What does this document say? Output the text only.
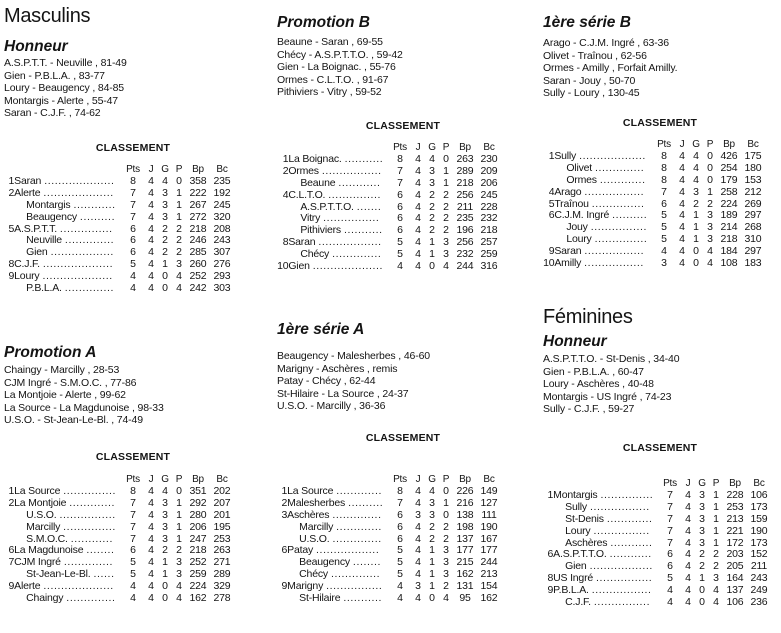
Masculins
Honneur
A.S.P.T.T. - Neuville , 81-49
Gien - P.B.L.A. , 83-77
Loury - Beaugency , 84-85
Montargis - Alerte , 55-47
Saran - C.J.F. , 74-62
CLASSEMENT
		Pts	J	G	P	Bp	Bc
1	Saran ....................	8	4	4	0	358	235
2	Alerte ....................	7	4	3	1	222	192
	Montargis ............	7	4	3	1	267	245
	Beaugency ..........	7	4	3	1	272	320
5	A.S.P.T.T. ...............	6	4	2	2	218	208
	Neuville ..............	6	4	2	2	246	243
	Gien ..................	6	4	2	2	285	307
8	C.J.F. ....................	5	4	1	3	260	276
9	Loury ....................	4	4	0	4	252	293
	P.B.L.A. ..............	4	4	0	4	242	303
Promotion A
Chaingy - Marcilly , 28-53
CJM Ingré - S.M.O.C. , 77-86
La Montjoie - Alerte , 99-62
La Source - La Magdunoise , 98-33
U.S.O. - St-Jean-Le-Bl. , 74-49
CLASSEMENT
		Pts	J	G	P	Bp	Bc
1	La Source ...............	8	4	4	0	351	202
2	La Montjoie .............	7	4	3	1	292	207
	U.S.O. ................	7	4	3	1	280	201
	Marcilly ...............	7	4	3	1	206	195
	S.M.O.C. ............	7	4	3	1	247	253
6	La Magdunoise ........	6	4	2	2	218	263
7	CJM Ingré ..............	5	4	1	3	252	271
	St-Jean-Le-Bl. ......	5	4	1	3	259	289
9	Alerte ....................	4	4	0	4	224	329
	Chaingy ..............	4	4	0	4	162	278
Promotion B
Beaune - Saran , 69-55
Chécy - A.S.P.T.T.O. , 59-42
Gien - La Boignac. , 55-76
Ormes - C.L.T.O. , 91-67
Pithiviers - Vitry , 59-52
CLASSEMENT
		Pts	J	G	P	Bp	Bc
1	La Boignac. ...........	8	4	4	0	263	230
2	Ormes .................	7	4	3	1	289	209
	Beaune ............	7	4	3	1	218	206
4	C.L.T.O. ...............	6	4	2	2	256	245
	A.S.P.T.T.O. .......	6	4	2	2	211	228
	Vitry ................	6	4	2	2	235	232
	Pithiviers ...........	6	4	2	2	196	218
8	Saran ..................	5	4	1	3	256	257
	Chécy ..............	5	4	1	3	232	259
10	Gien ....................	4	4	0	4	244	316
1ère série A
Beaugency - Malesherbes , 46-60
Marigny - Aschères , remis
Patay - Chécy , 62-44
St-Hilaire - La Source , 24-37
U.S.O. - Marcilly , 36-36
CLASSEMENT
		Pts	J	G	P	Bp	Bc
1	La Source .............	8	4	4	0	226	149
2	Malesherbes ..........	7	4	3	1	216	127
3	Aschères ..............	6	3	3	0	138	111
	Marcilly .............	6	4	2	2	198	190
	U.S.O. ..............	6	4	2	2	137	167
6	Patay ..................	5	4	1	3	177	177
	Beaugency ........	5	4	1	3	215	244
	Chécy ..............	5	4	1	3	162	213
9	Marigny ................	4	3	1	2	131	154
	St-Hilaire ...........	4	4	0	4	95	162
1ère série B
Arago - C.J.M. Ingré , 63-36
Olivet - Traînou , 62-56
Ormes - Amilly , Forfait Amilly.
Saran - Jouy , 50-70
Sully - Loury , 130-45
CLASSEMENT
		Pts	J	G	P	Bp	Bc
1	Sully ...................	8	4	4	0	426	175
	Olivet ..............	8	4	4	0	254	180
	Ormes .............	8	4	4	0	179	153
4	Arago .................	7	4	3	1	258	212
5	Traînou ...............	6	4	2	2	224	269
6	C.J.M. Ingré ..........	5	4	1	3	189	297
	Jouy ................	5	4	1	3	214	268
	Loury ...............	5	4	1	3	218	310
9	Saran .................	4	4	0	4	184	297
10	Amilly .................	3	4	0	4	108	183
Féminines
Honneur
A.S.P.T.T.O. - St-Denis , 34-40
Gien - P.B.L.A. , 60-47
Loury - Aschères , 40-48
Montargis - US Ingré , 74-23
Sully - C.J.F. , 59-27
CLASSEMENT
		Pts	J	G	P	Bp	Bc
1	Montargis ...............	7	4	3	1	228	106
	Sully .................	7	4	3	1	253	173
	St-Denis .............	7	4	3	1	213	159
	Loury ................	7	4	3	1	221	190
	Aschères ............	7	4	3	1	172	173
6	A.S.P.T.T.O. ............	6	4	2	2	203	152
	Gien ..................	6	4	2	2	205	211
8	US Ingré ................	5	4	1	3	164	243
9	P.B.L.A. .................	4	4	0	4	137	249
	C.J.F. ................	4	4	0	4	106	236
